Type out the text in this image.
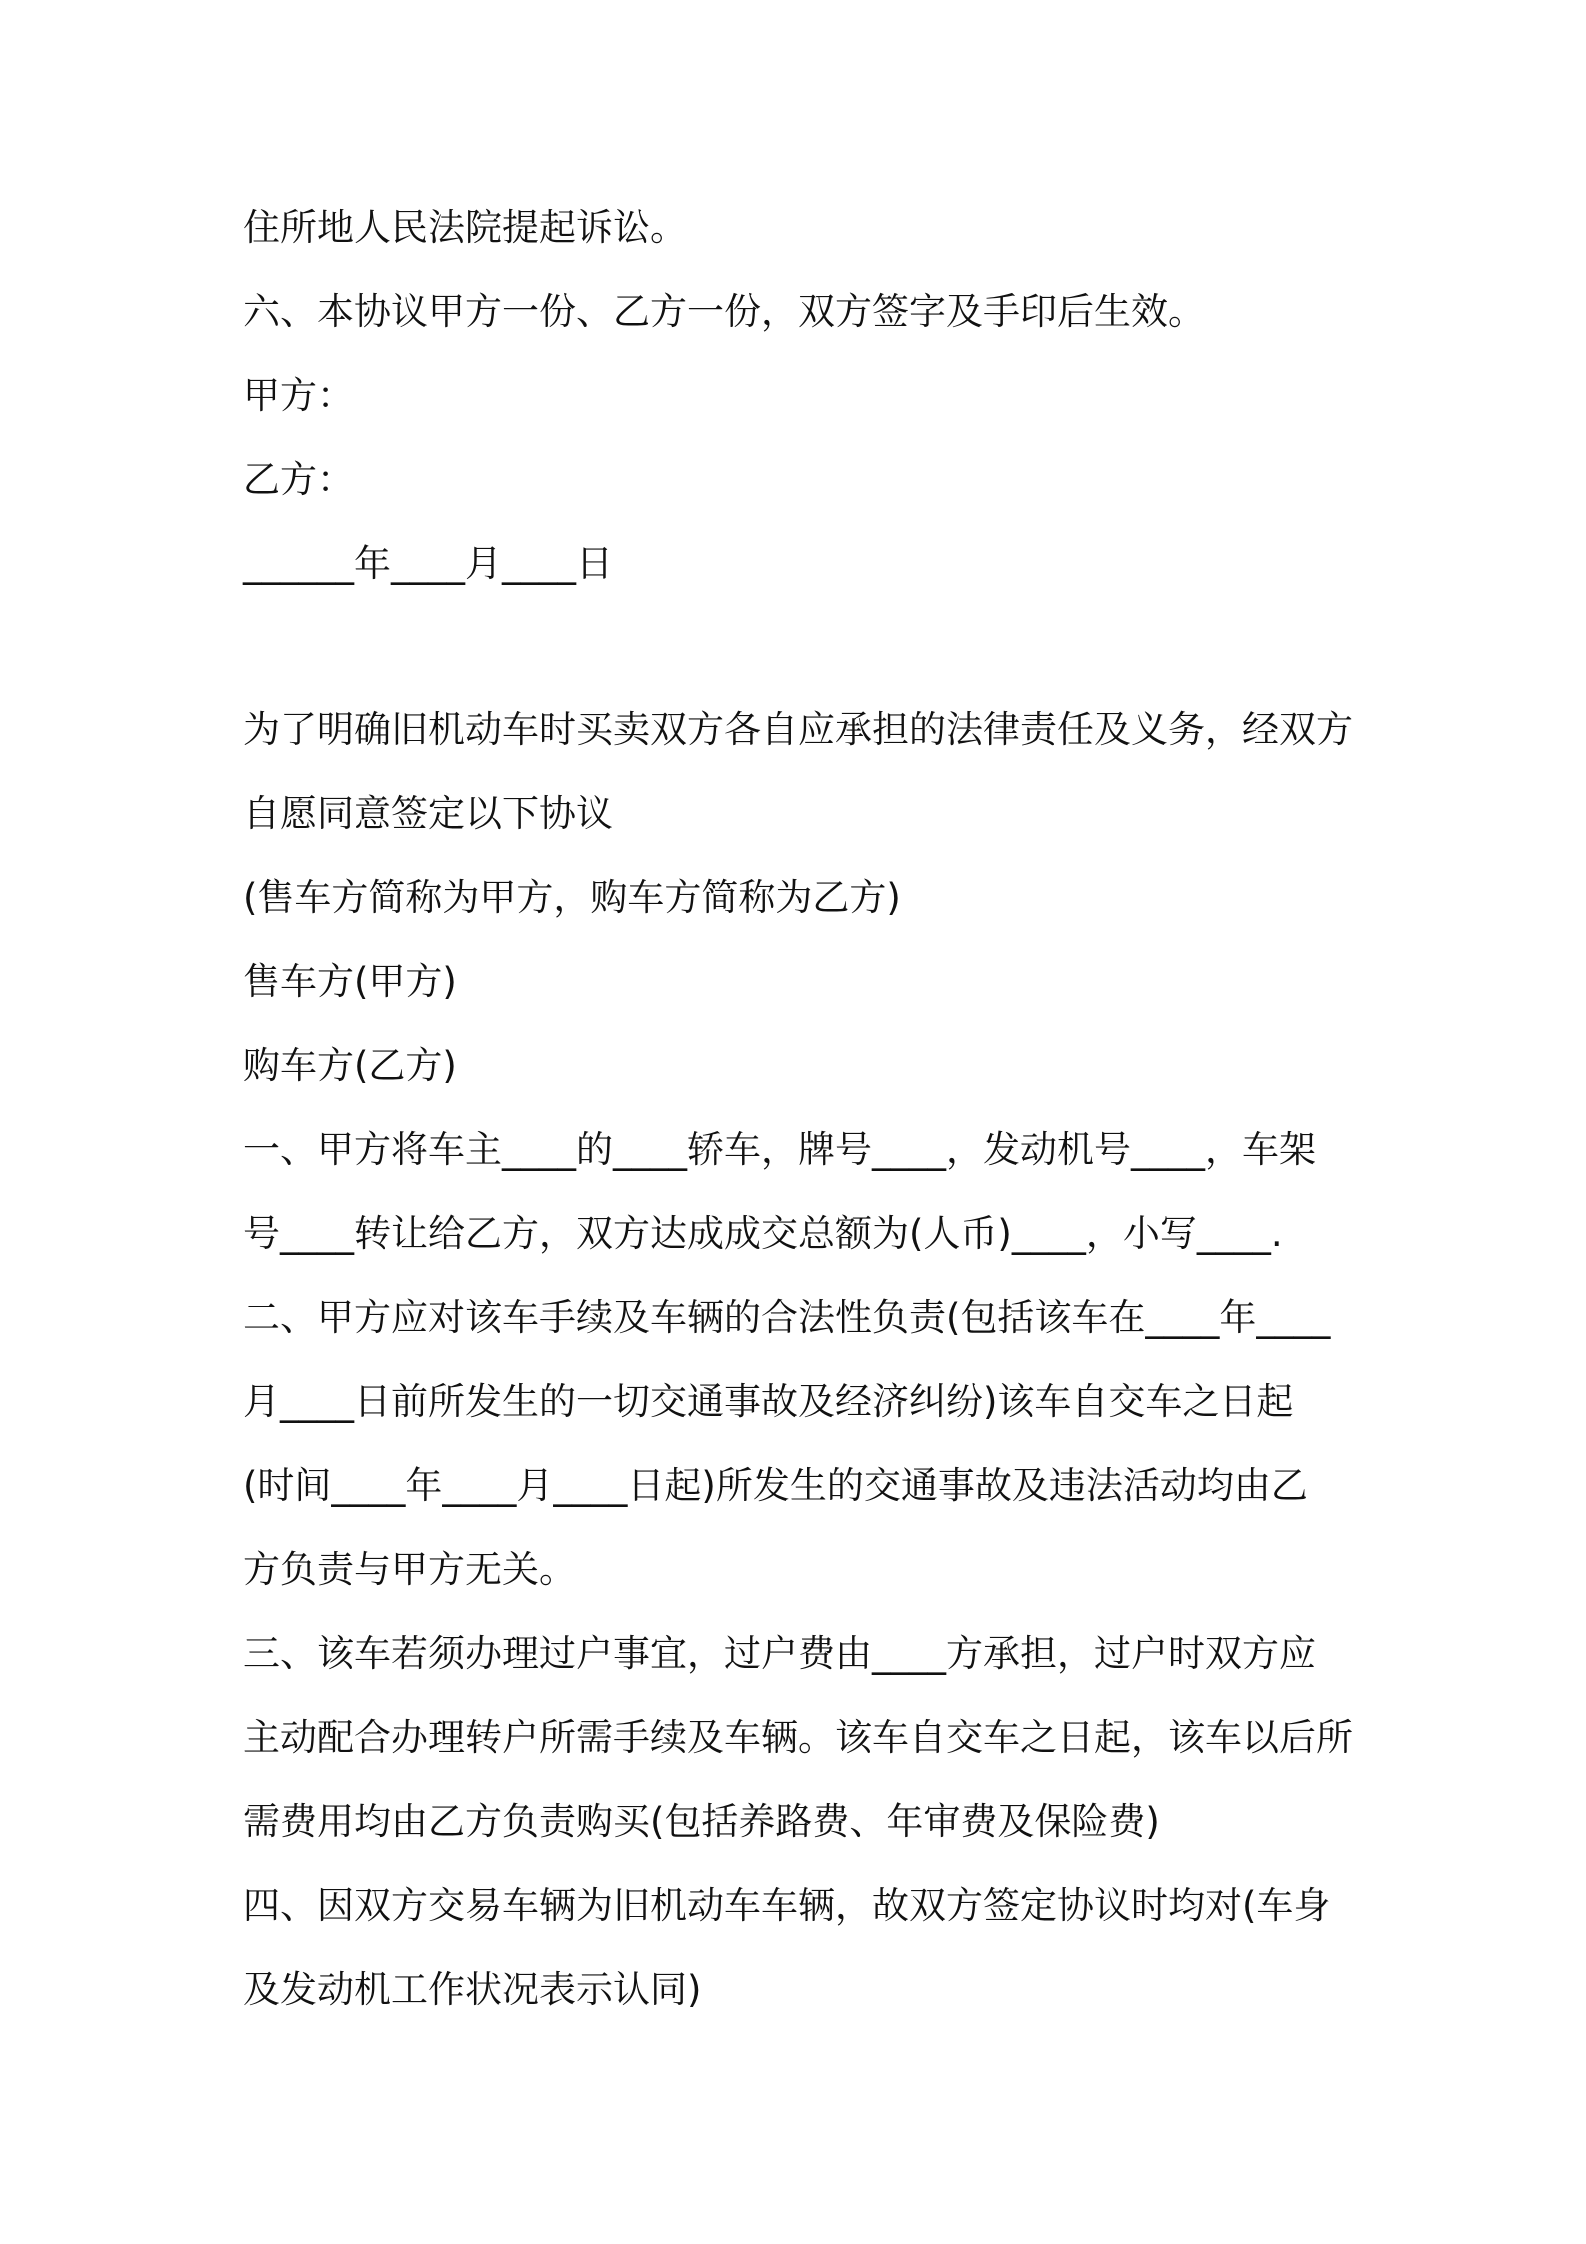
住所地人民法院提起诉讼。
六、本协议甲方一份、乙方一份，双方签字及手印后生效。
甲方：
乙方：
______年____月____日
为了明确旧机动车时买卖双方各自应承担的法律责任及义务，经双方
自愿同意签定以下协议
(售车方简称为甲方，购车方简称为乙方)
售车方(甲方)
购车方(乙方)
一、甲方将车主____的____轿车，牌号____，发动机号____，车架
号____转让给乙方，双方达成成交总额为(人币)____，小写____.
二、甲方应对该车手续及车辆的合法性负责(包括该车在____年____
月____日前所发生的一切交通事故及经济纠纷)该车自交车之日起
(时间____年____月____日起)所发生的交通事故及违法活动均由乙
方负责与甲方无关。
三、该车若须办理过户事宜，过户费由____方承担，过户时双方应
主动配合办理转户所需手续及车辆。该车自交车之日起，该车以后所
需费用均由乙方负责购买(包括养路费、年审费及保险费)
四、因双方交易车辆为旧机动车车辆，故双方签定协议时均对(车身
及发动机工作状况表示认同)
